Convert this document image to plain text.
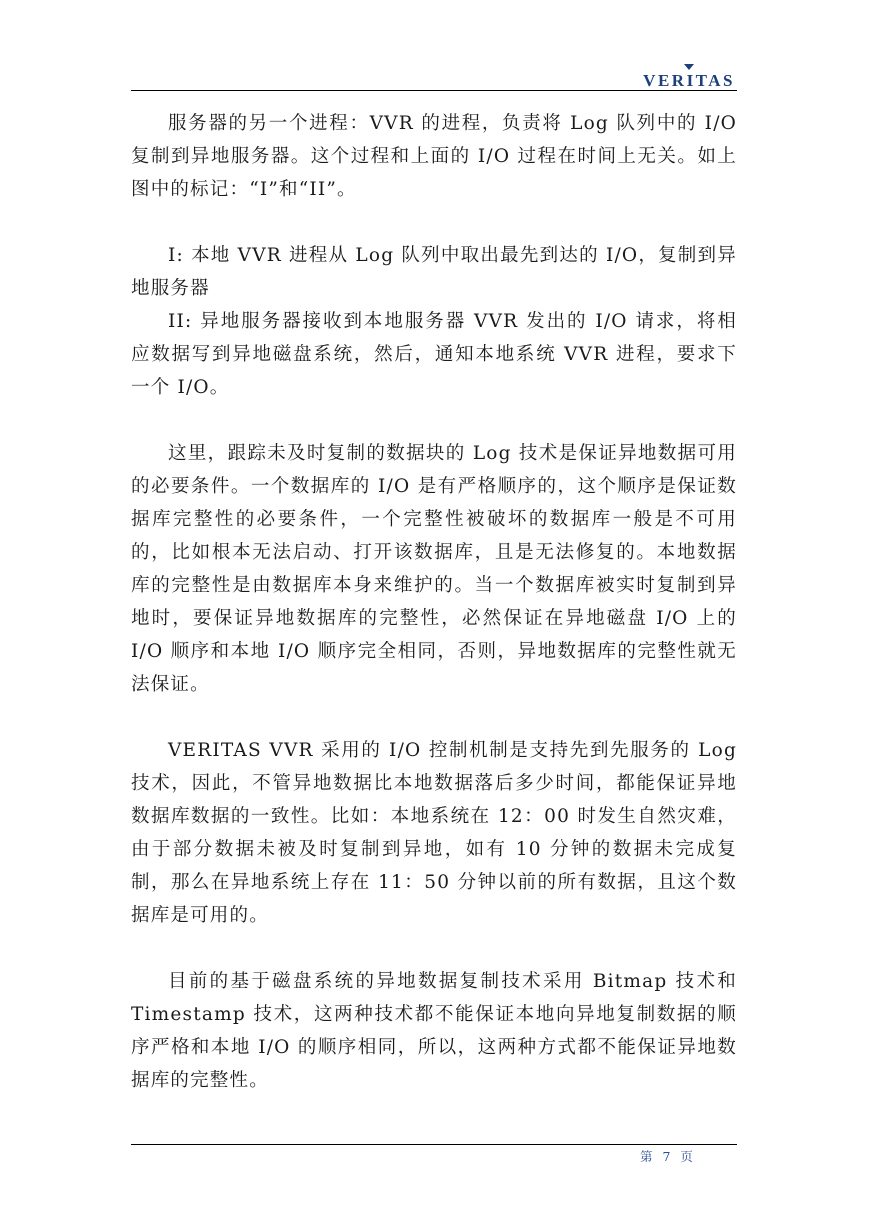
VERITAS

服务器的另一个进程：VVR 的进程，负责将 Log 队列中的 I/O 复制到异地服务器。这个过程和上面的 I/O 过程在时间上无关。如上图中的标记：“I”和“II”。

I: 本地 VVR 进程从 Log 队列中取出最先到达的 I/O，复制到异地服务器

II: 异地服务器接收到本地服务器 VVR 发出的 I/O 请求，将相应数据写到异地磁盘系统，然后，通知本地系统 VVR 进程，要求下一个 I/O。

这里，跟踪未及时复制的数据块的 Log 技术是保证异地数据可用的必要条件。一个数据库的 I/O 是有严格顺序的，这个顺序是保证数据库完整性的必要条件，一个完整性被破坏的数据库一般是不可用的，比如根本无法启动、打开该数据库，且是无法修复的。本地数据库的完整性是由数据库本身来维护的。当一个数据库被实时复制到异地时，要保证异地数据库的完整性，必然保证在异地磁盘 I/O 上的 I/O 顺序和本地 I/O 顺序完全相同，否则，异地数据库的完整性就无法保证。

VERITAS VVR 采用的 I/O 控制机制是支持先到先服务的 Log 技术，因此，不管异地数据比本地数据落后多少时间，都能保证异地数据库数据的一致性。比如：本地系统在 12：00 时发生自然灾难，由于部分数据未被及时复制到异地，如有 10 分钟的数据未完成复制，那么在异地系统上存在 11：50 分钟以前的所有数据，且这个数据库是可用的。

目前的基于磁盘系统的异地数据复制技术采用 Bitmap 技术和 Timestamp 技术，这两种技术都不能保证本地向异地复制数据的顺序严格和本地 I/O 的顺序相同，所以，这两种方式都不能保证异地数据库的完整性。

第 7 页
